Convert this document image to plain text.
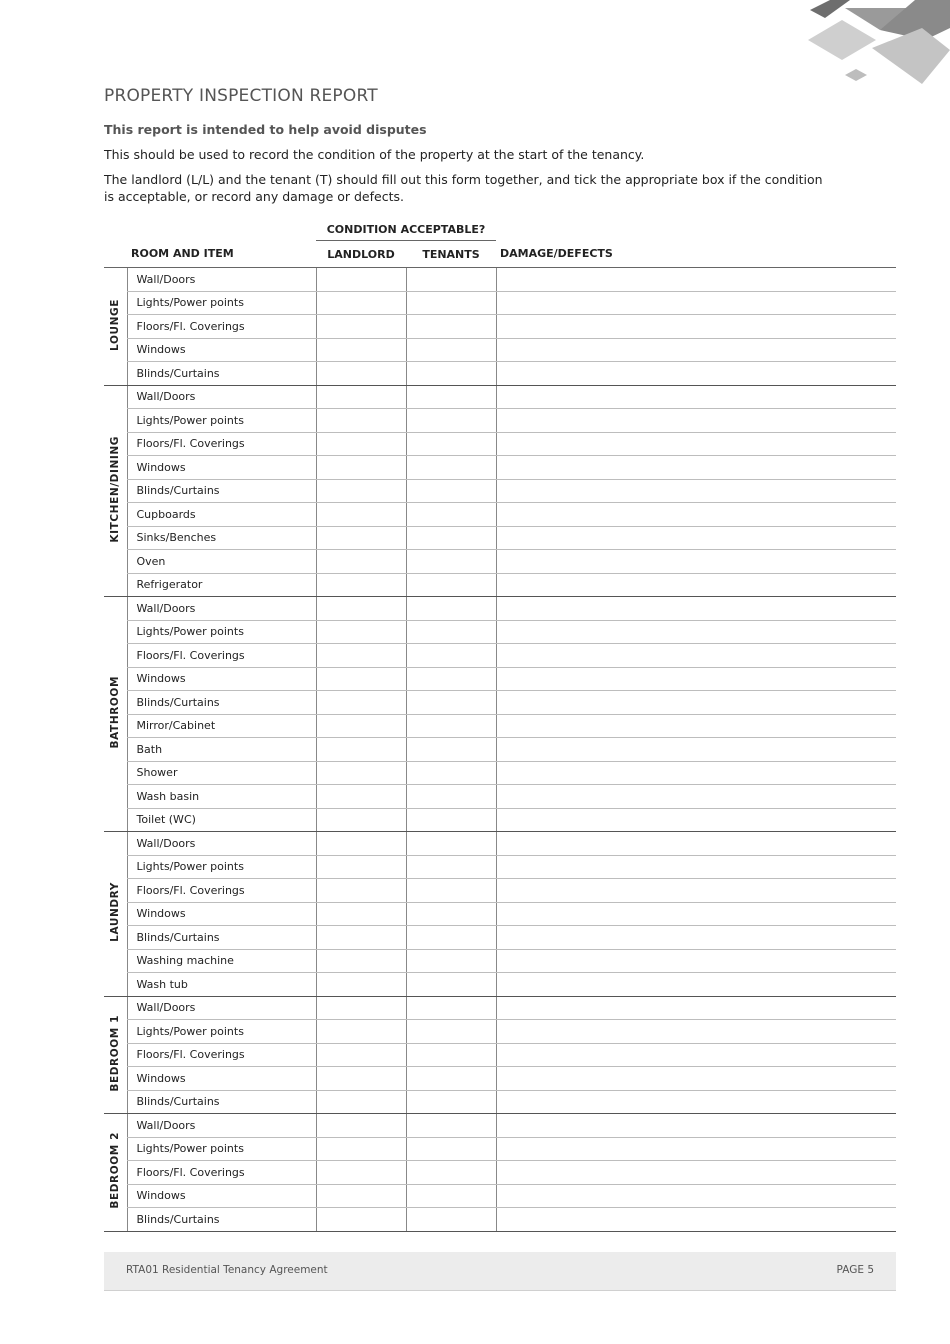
PROPERTY INSPECTION REPORT

This report is intended to help avoid disputes

This should be used to record the condition of the property at the start of the tenancy.

The landlord (L/L) and the tenant (T) should fill out this form together, and tick the appropriate box if the condition is acceptable, or record any damage or defects.

		CONDITION ACCEPTABLE?		
	ROOM AND ITEM	LANDLORD	TENANTS	DAMAGE/DEFECTS
LOUNGE	Wall/Doors			
	Lights/Power points			
	Floors/Fl. Coverings			
	Windows			
	Blinds/Curtains			
KITCHEN/DINING	Wall/Doors			
	Lights/Power points			
	Floors/Fl. Coverings			
	Windows			
	Blinds/Curtains			
	Cupboards			
	Sinks/Benches			
	Oven			
	Refrigerator			
BATHROOM	Wall/Doors			
	Lights/Power points			
	Floors/Fl. Coverings			
	Windows			
	Blinds/Curtains			
	Mirror/Cabinet			
	Bath			
	Shower			
	Wash basin			
	Toilet (WC)			
LAUNDRY	Wall/Doors			
	Lights/Power points			
	Floors/Fl. Coverings			
	Windows			
	Blinds/Curtains			
	Washing machine			
	Wash tub			
BEDROOM 1	Wall/Doors			
	Lights/Power points			
	Floors/Fl. Coverings			
	Windows			
	Blinds/Curtains			
BEDROOM 2	Wall/Doors			
	Lights/Power points			
	Floors/Fl. Coverings			
	Windows			
	Blinds/Curtains			
RTA01 Residential Tenancy Agreement	PAGE 5
